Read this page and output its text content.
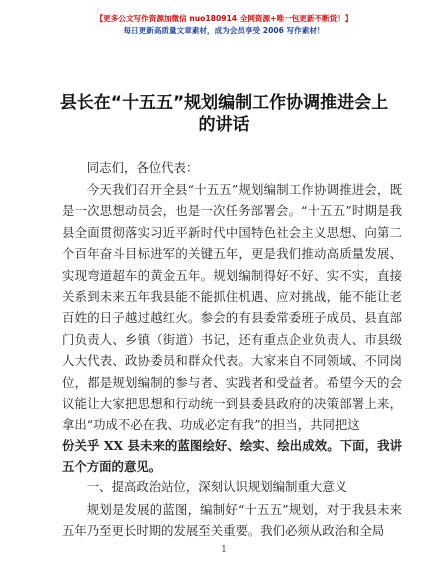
【更多公文写作资源加微信 nuo180914 全网资源+唯一包更新不断货！】
每日更新高质量文章素材，成为会员享受 2006 写作素材！
县长在“十五五”规划编制工作协调推进会上
的讲话
同志们，各位代表：
今天我们召开全县“十五五”规划编制工作协调推进会，既是一次思想动员会，也是一次任务部署会。“十五五”时期是我县全面贯彻落实习近平新时代中国特色社会主义思想、向第二个百年奋斗目标进军的关键五年，更是我们推动高质量发展、实现弯道超车的黄金五年。规划编制得好不好、实不实，直接关系到未来五年我县能不能抓住机遇、应对挑战，能不能让老百姓的日子越过越红火。参会的有县委常委班子成员、县直部门负责人、乡镇（街道）书记，还有重点企业负责人、市县级人大代表、政协委员和群众代表。大家来自不同领域、不同岗位，都是规划编制的参与者、实践者和受益者。希望今天的会议能让大家把思想和行动统一到县委县政府的决策部署上来，拿出“功成不必在我、功成必定有我”的担当，共同把这
份关乎 XX 县未来的蓝图绘好、绘实、绘出成效。下面，我讲五个方面的意见。
一、提高政治站位，深刻认识规划编制重大意义
规划是发展的蓝图，编制好“十五五”规划，对于我县未来五年乃至更长时期的发展至关重要。我们必须从政治和全局
1
